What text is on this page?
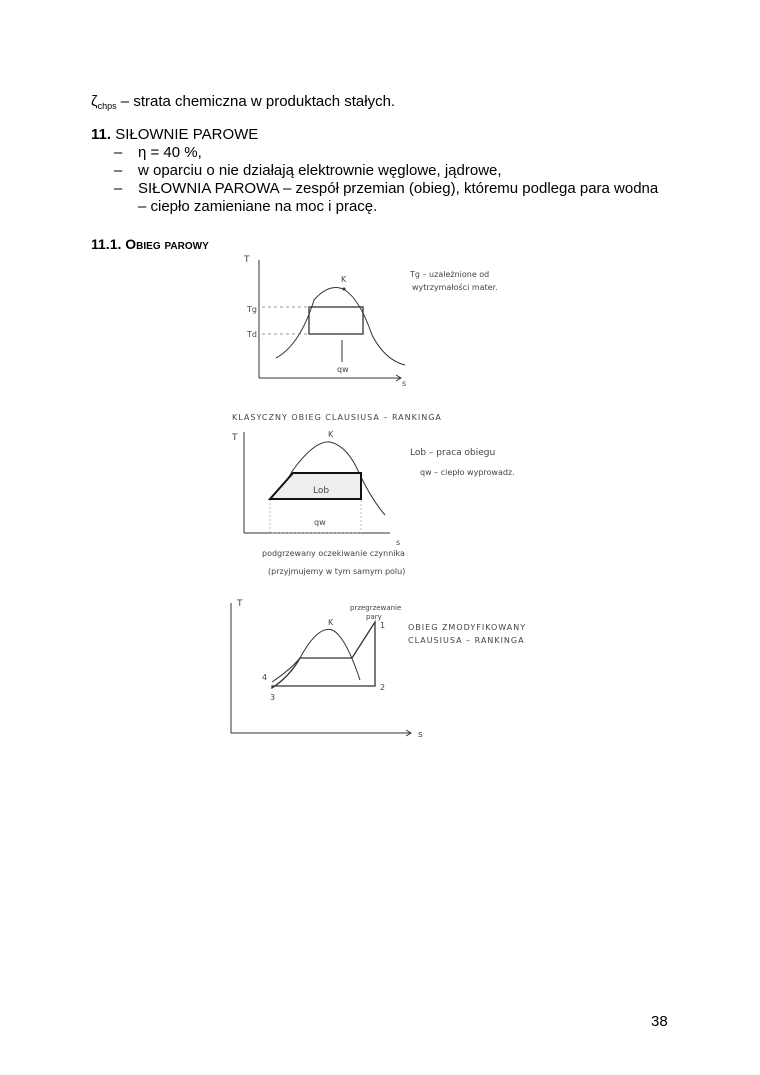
$\zeta_{chps}$ – strata chemiczna w produktach stałych.
11. SIŁOWNIE PAROWE
– η = 40 %,
– w oparciu o nie działają elektrownie węglowe, jądrowe,
– SIŁOWNIA PAROWA – zespół przemian (obieg), któremu podlega para wodna
– ciepło zamieniane na moc i pracę.
11.1. Obieg parowy
T
s
K
Tg
Td
qw
Tg – uzależnione od
wytrzymałości mater.
KLASYCZNY OBIEG CLAUSIUSA – RANKINGA
T
s
K
Lob
qw
Lob – praca obiegu
qw – ciepło wyprowadz.
podgrzewany oczekiwanie czynnika
(przyjmujemy w tym samym polu)
T
s
K	1
2
3
4
przegrzewanie
pary
OBIEG ZMODYFIKOWANY
CLAUSIUSA – RANKINGA
38
